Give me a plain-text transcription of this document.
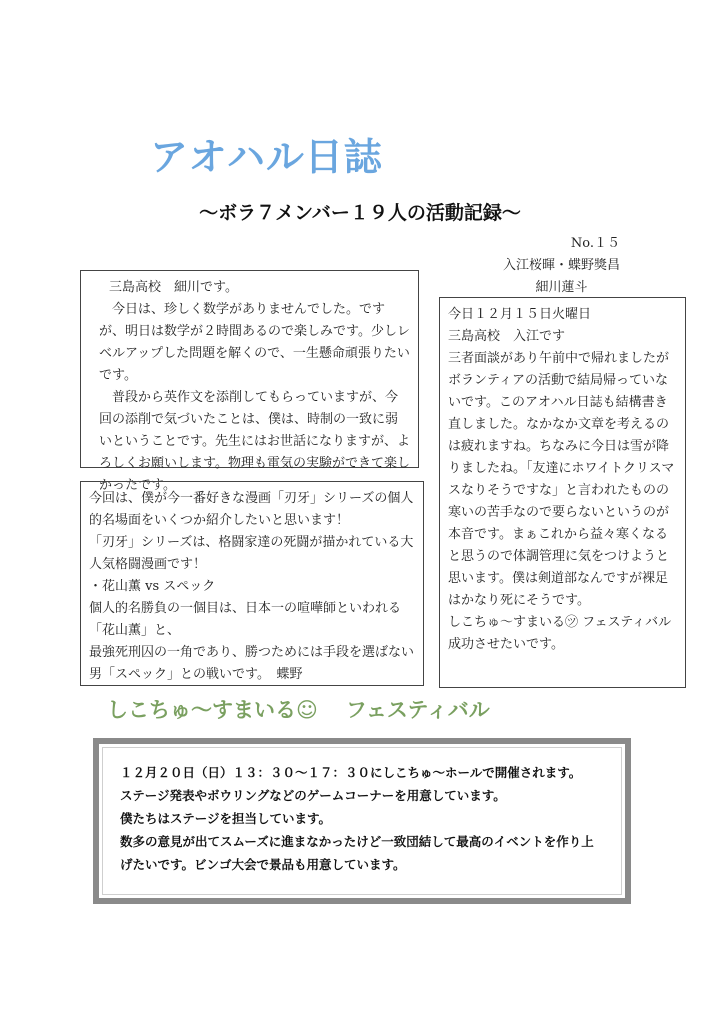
アオハル日誌
～ボラ７メンバー１９人の活動記録～
No.１５
入江桜暉・蝶野獎昌
細川蓮斗

三島高校　細川です。

今日は、珍しく数学がありませんでした。ですが、明日は数学が２時間あるので楽しみです。少しレベルアップした問題を解くので、一生懸命頑張りたいです。

普段から英作文を添削してもらっていますが、今回の添削で気づいたことは、僕は、時制の一致に弱いということです。先生にはお世話になりますが、よろしくお願いします。物理も電気の実験ができて楽しかったです。

今日１２月１５日火曜日

三島高校　入江です

三者面談があり午前中で帰れましたがボランティアの活動で結局帰っていないです。このアオハル日誌も結構書き直しました。なかなか文章を考えるのは疲れますね。ちなみに今日は雪が降りましたね。「友達にホワイトクリスマスなりそうですな」と言われたものの寒いの苦手なので要らないというのが本音です。まぁこれから益々寒くなると思うので体調管理に気をつけようと思います。僕は剣道部なんですが裸足はかなり死にそうです。

しこちゅ～すまいる㋡ フェスティバル成功させたいです。

今回は、僕が今一番好きな漫画「刃牙」シリーズの個人的名場面をいくつか紹介したいと思います！

「刃牙」シリーズは、格闘家達の死闘が描かれている大人気格闘漫画です！

・花山薫 vs スペック

個人的名勝負の一個目は、日本一の喧嘩師といわれる「花山薫」と、

最強死刑囚の一角であり、勝つためには手段を選ばない男「スペック」との戦いです。　蝶野

しこちゅ～すまいる☺ フェスティバル

１２月２０日（日）１３：３０～１７：３０にしこちゅ～ホールで開催されます。

ステージ発表やボウリングなどのゲームコーナーを用意しています。

僕たちはステージを担当しています。

数多の意見が出てスムーズに進まなかったけど一致団結して最高のイベントを作り上げたいです。ビンゴ大会で景品も用意しています。
